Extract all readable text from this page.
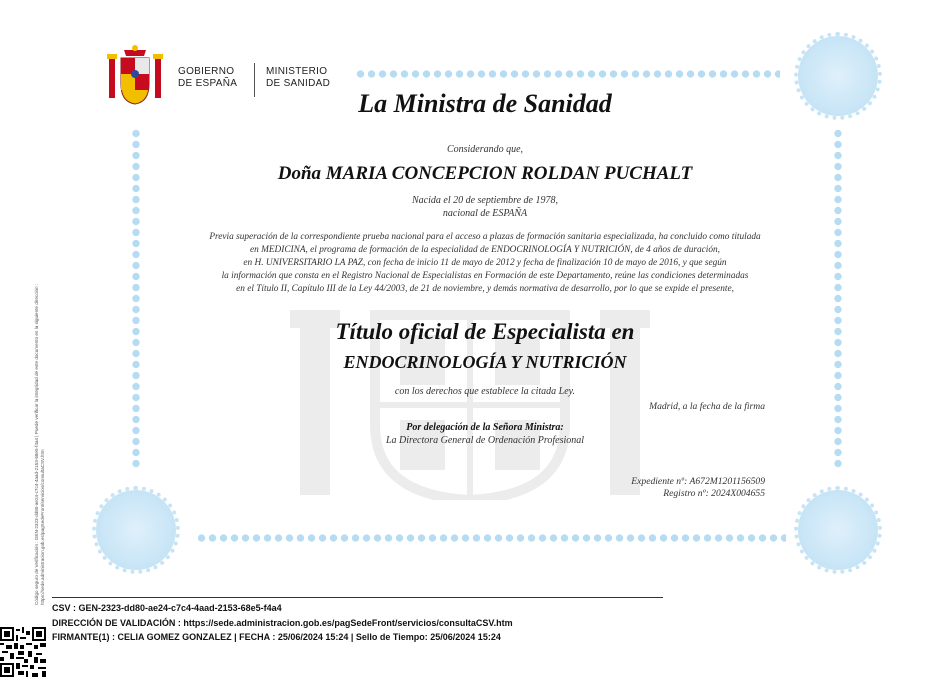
GOBIERNO
DE ESPAÑA
MINISTERIO
DE SANIDAD
La Ministra de Sanidad
Considerando que,
Doña MARIA CONCEPCION ROLDAN PUCHALT
Nacida el 20 de septiembre de 1978,
nacional de ESPAÑA
Previa superación de la correspondiente prueba nacional para el acceso a plazas de formación sanitaria especializada, ha concluido como titulada
en MEDICINA, el programa de formación de la especialidad de ENDOCRINOLOGÍA Y NUTRICIÓN, de 4 años de duración,
en H. UNIVERSITARIO LA PAZ, con fecha de inicio 11 de mayo de 2012 y fecha de finalización 10 de mayo de 2016, y que según
la información que consta en el Registro Nacional de Especialistas en Formación de este Departamento, reúne las condiciones determinadas
en el Título II, Capítulo III de la Ley 44/2003, de 21 de noviembre, y demás normativa de desarrollo, por lo que se expide el presente,
Título oficial de Especialista en
ENDOCRINOLOGÍA Y NUTRICIÓN
con los derechos que establece la citada Ley.
Madrid, a la fecha de la firma
Por delegación de la Señora Ministra:
La Directora General de Ordenación Profesional
Expediente nº: A672M1201156509
Registro nº: 2024X004655
Código seguro de Verificación : GEN-2323-dd80-ae24-c7c4-4aad-2153-68e5-f4a4 | Puede verificar la integridad de este documento en la siguiente dirección : https://sede.administracion.gob.es/pagSedeFront/servicios/consultaCSV.htm
CSV : GEN-2323-dd80-ae24-c7c4-4aad-2153-68e5-f4a4
DIRECCIÓN DE VALIDACIÓN : https://sede.administracion.gob.es/pagSedeFront/servicios/consultaCSV.htm
FIRMANTE(1) : CELIA GOMEZ GONZALEZ | FECHA : 25/06/2024 15:24 | Sello de Tiempo: 25/06/2024 15:24
